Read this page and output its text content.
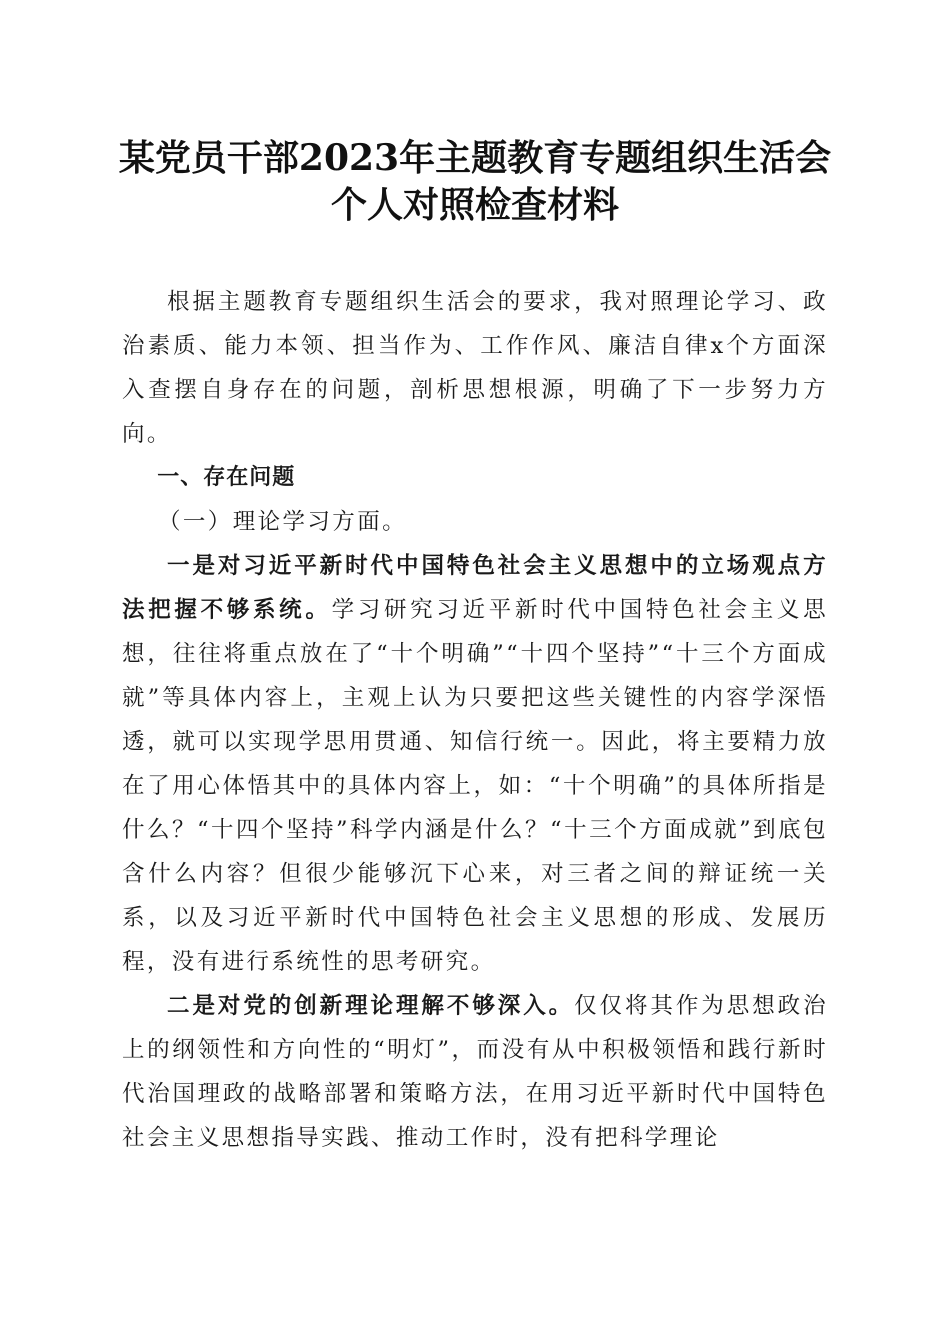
某党员干部2023年主题教育专题组织生活会
个人对照检查材料

根据主题教育专题组织生活会的要求，我对照理论学习、政治素质、能力本领、担当作为、工作作风、廉洁自律x个方面深入查摆自身存在的问题，剖析思想根源，明确了下一步努力方向。

一、存在问题

（一）理论学习方面。

一是对习近平新时代中国特色社会主义思想中的立场观点方法把握不够系统。学习研究习近平新时代中国特色社会主义思想，往往将重点放在了“十个明确”“十四个坚持”“十三个方面成就”等具体内容上，主观上认为只要把这些关键性的内容学深悟透，就可以实现学思用贯通、知信行统一。因此，将主要精力放在了用心体悟其中的具体内容上，如：“十个明确”的具体所指是什么？“十四个坚持”科学内涵是什么？“十三个方面成就”到底包含什么内容？但很少能够沉下心来，对三者之间的辩证统一关系，以及习近平新时代中国特色社会主义思想的形成、发展历程，没有进行系统性的思考研究。

二是对党的创新理论理解不够深入。仅仅将其作为思想政治上的纲领性和方向性的“明灯”，而没有从中积极领悟和践行新时代治国理政的战略部署和策略方法，在用习近平新时代中国特色社会主义思想指导实践、推动工作时，没有把科学理论
